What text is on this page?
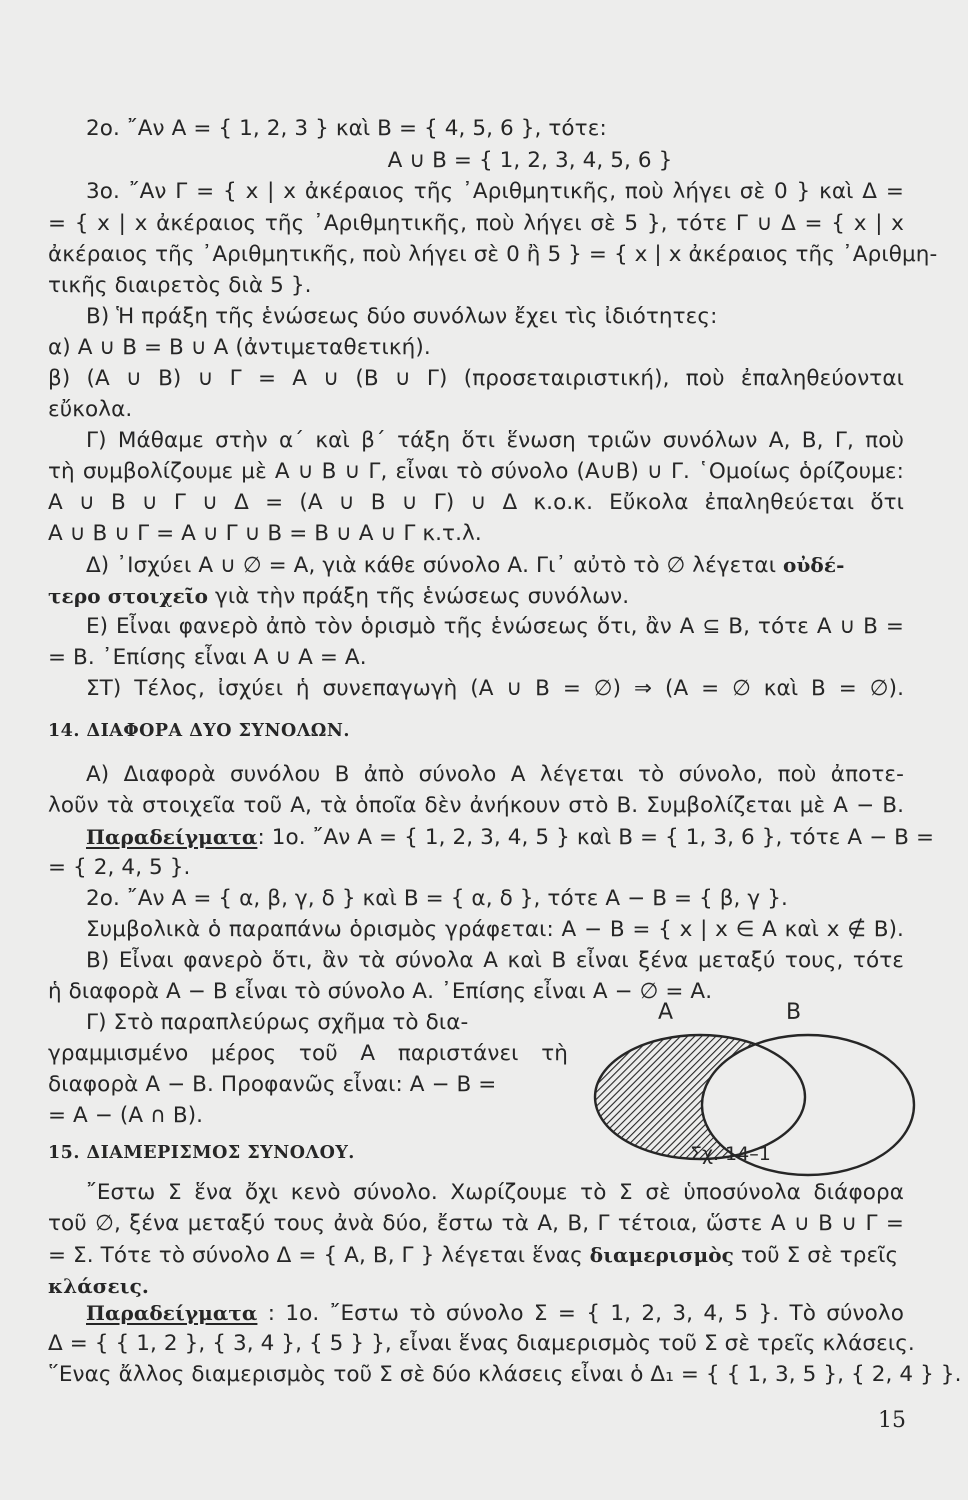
2ο. ῎Αν Α = { 1, 2, 3 } καὶ Β = { 4, 5, 6 }, τότε:
Α ∪ Β = { 1, 2, 3, 4, 5, 6 }
3ο. ῎Αν Γ = { x | x ἀκέραιος τῆς ᾿Αριθμητικῆς, ποὺ λήγει σὲ 0 } καὶ Δ =
= { x | x ἀκέραιος τῆς ᾿Αριθμητικῆς, ποὺ λήγει σὲ 5 }, τότε Γ ∪ Δ = { x | x
ἀκέραιος τῆς ᾿Αριθμητικῆς, ποὺ λήγει σὲ 0 ἢ 5 } = { x | x ἀκέραιος τῆς ᾿Αριθμη-
τικῆς διαιρετὸς διὰ 5 }.
Β) Ἡ πράξη τῆς ἑνώσεως δύο συνόλων ἔχει τὶς ἰδιότητες:
α) Α ∪ Β = Β ∪ Α (ἀντιμεταθετική).
β) (Α ∪ Β) ∪ Γ = Α ∪ (Β ∪ Γ) (προσεταιριστική), ποὺ ἐπαληθεύονται
εὔκολα.
Γ) Μάθαμε στὴν α΄ καὶ β΄ τάξη ὅτι ἕνωση τριῶν συνόλων Α, Β, Γ, ποὺ
τὴ συμβολίζουμε μὲ Α ∪ Β ∪ Γ, εἶναι τὸ σύνολο (Α∪Β) ∪ Γ. ῾Ομοίως ὁρίζουμε:
Α ∪ Β ∪ Γ ∪ Δ = (Α ∪ Β ∪ Γ) ∪ Δ κ.ο.κ. Εὔκολα ἐπαληθεύεται ὅτι
Α ∪ Β ∪ Γ = Α ∪ Γ ∪ Β = Β ∪ Α ∪ Γ κ.τ.λ.
Δ) ᾿Ισχύει Α ∪ ∅ = Α, γιὰ κάθε σύνολο Α. Γι᾿ αὐτὸ τὸ ∅ λέγεται οὐδέ-
τερο στοιχεῖο γιὰ τὴν πράξη τῆς ἑνώσεως συνόλων.
Ε) Εἶναι φανερὸ ἀπὸ τὸν ὁρισμὸ τῆς ἑνώσεως ὅτι, ἂν Α ⊆ Β, τότε Α ∪ Β =
= Β. ᾿Επίσης εἶναι Α ∪ Α = Α.
ΣΤ) Τέλος, ἰσχύει ἡ συνεπαγωγὴ (Α ∪ Β = ∅) ⇒ (Α = ∅ καὶ Β = ∅).
14. ΔΙΑΦΟΡΑ ΔΥΟ ΣΥΝΟΛΩΝ.
Α) Διαφορὰ συνόλου Β ἀπὸ σύνολο Α λέγεται τὸ σύνολο, ποὺ ἀποτε-
λοῦν τὰ στοιχεῖα τοῦ Α, τὰ ὁποῖα δὲν ἀνήκουν στὸ Β. Συμβολίζεται μὲ Α − Β.
Παραδείγματα: 1ο. ῎Αν Α = { 1, 2, 3, 4, 5 } καὶ Β = { 1, 3, 6 }, τότε Α − Β =
= { 2, 4, 5 }.
2ο. ῎Αν Α = { α, β, γ, δ } καὶ Β = { α, δ }, τότε Α − Β = { β, γ }.
Συμβολικὰ ὁ παραπάνω ὁρισμὸς γράφεται: Α − Β = { x | x ∈ Α καὶ x ∉ Β).
Β) Εἶναι φανερὸ ὅτι, ἂν τὰ σύνολα Α καὶ Β εἶναι ξένα μεταξύ τους, τότε
ἡ διαφορὰ Α − Β εἶναι τὸ σύνολο Α. ᾿Επίσης εἶναι Α − ∅ = Α.
Γ) Στὸ παραπλεύρως σχῆμα τὸ δια-
γραμμισμένο μέρος τοῦ Α παριστάνει τὴ
διαφορὰ Α − Β. Προφανῶς εἶναι: Α − Β =
= Α − (Α ∩ Β).
Α	Β
Σχ. 14–1
15. ΔΙΑΜΕΡΙΣΜΟΣ ΣΥΝΟΛΟΥ.
῎Εστω Σ ἕνα ὄχι κενὸ σύνολο. Χωρίζουμε τὸ Σ σὲ ὑποσύνολα διάφορα
τοῦ ∅, ξένα μεταξύ τους ἀνὰ δύο, ἔστω τὰ Α, Β, Γ τέτοια, ὥστε Α ∪ Β ∪ Γ =
= Σ. Τότε τὸ σύνολο Δ = { Α, Β, Γ } λέγεται ἕνας διαμερισμὸς τοῦ Σ σὲ τρεῖς
κλάσεις.
Παραδείγματα : 1ο. ῎Εστω τὸ σύνολο Σ = { 1, 2, 3, 4, 5 }. Τὸ σύνολο
Δ = { { 1, 2 }, { 3, 4 }, { 5 } }, εἶναι ἕνας διαμερισμὸς τοῦ Σ σὲ τρεῖς κλάσεις.
῞Ενας ἄλλος διαμερισμὸς τοῦ Σ σὲ δύο κλάσεις εἶναι ὁ Δ₁ = { { 1, 3, 5 }, { 2, 4 } }.
15
